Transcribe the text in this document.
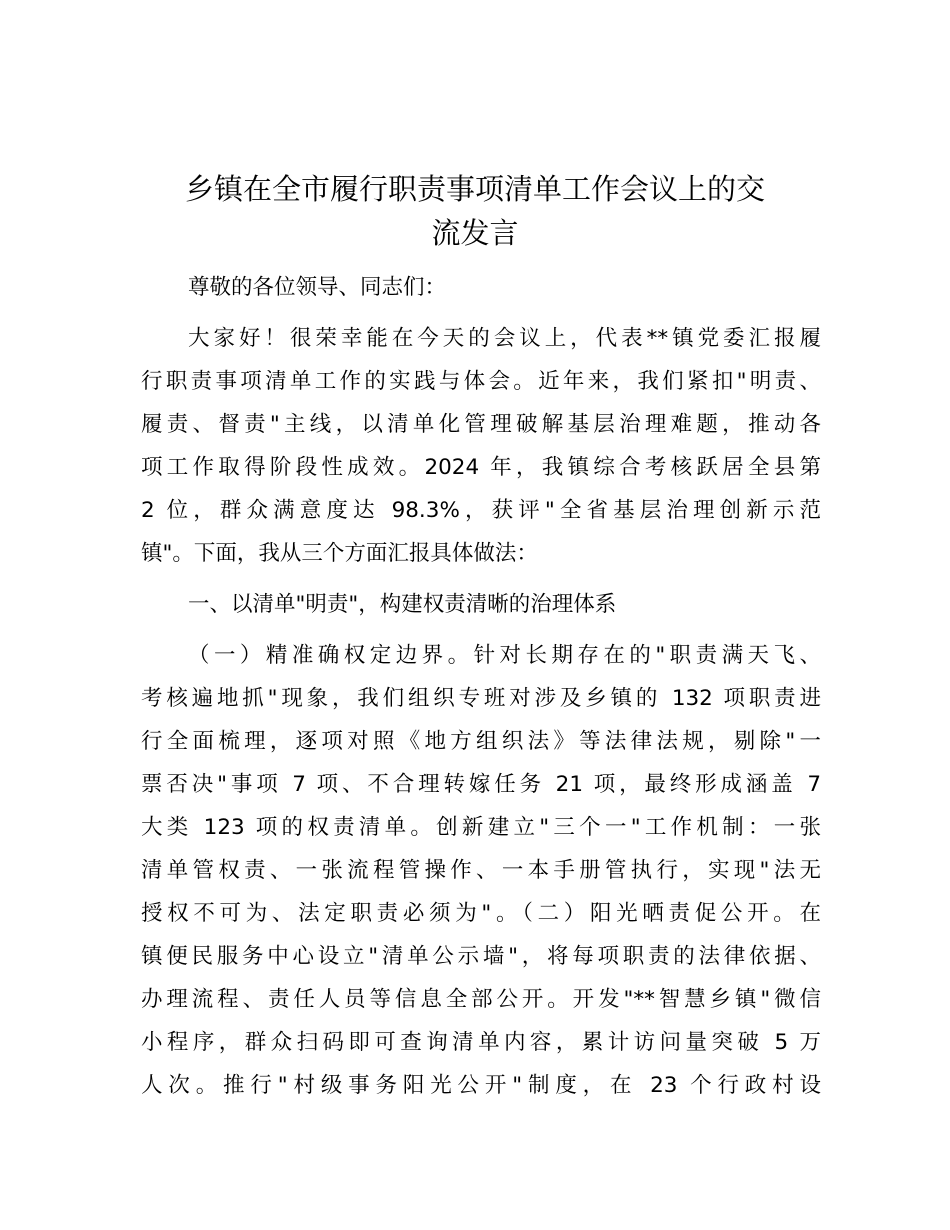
乡镇在全市履行职责事项清单工作会议上的交
流发言

尊敬的各位领导、同志们：

大家好！很荣幸能在今天的会议上，代表**镇党委汇报履
行职责事项清单工作的实践与体会。近年来，我们紧扣"明责、
履责、督责"主线，以清单化管理破解基层治理难题，推动各
项工作取得阶段性成效。2024 年，我镇综合考核跃居全县第
2 位，群众满意度达 98.3%，获评"全省基层治理创新示范
镇"。下面，我从三个方面汇报具体做法：

一、以清单"明责"，构建权责清晰的治理体系

（一）精准确权定边界。针对长期存在的"职责满天飞、
考核遍地抓"现象，我们组织专班对涉及乡镇的 132 项职责进
行全面梳理，逐项对照《地方组织法》等法律法规，剔除"一
票否决"事项 7 项、不合理转嫁任务 21 项，最终形成涵盖 7
大类 123 项的权责清单。创新建立"三个一"工作机制：一张
清单管权责、一张流程管操作、一本手册管执行，实现"法无
授权不可为、法定职责必须为"。（二）阳光晒责促公开。在
镇便民服务中心设立"清单公示墙"，将每项职责的法律依据、
办理流程、责任人员等信息全部公开。开发"**智慧乡镇"微信
小程序，群众扫码即可查询清单内容，累计访问量突破 5 万
人次。推行"村级事务阳光公开"制度，在 23 个行政村设
